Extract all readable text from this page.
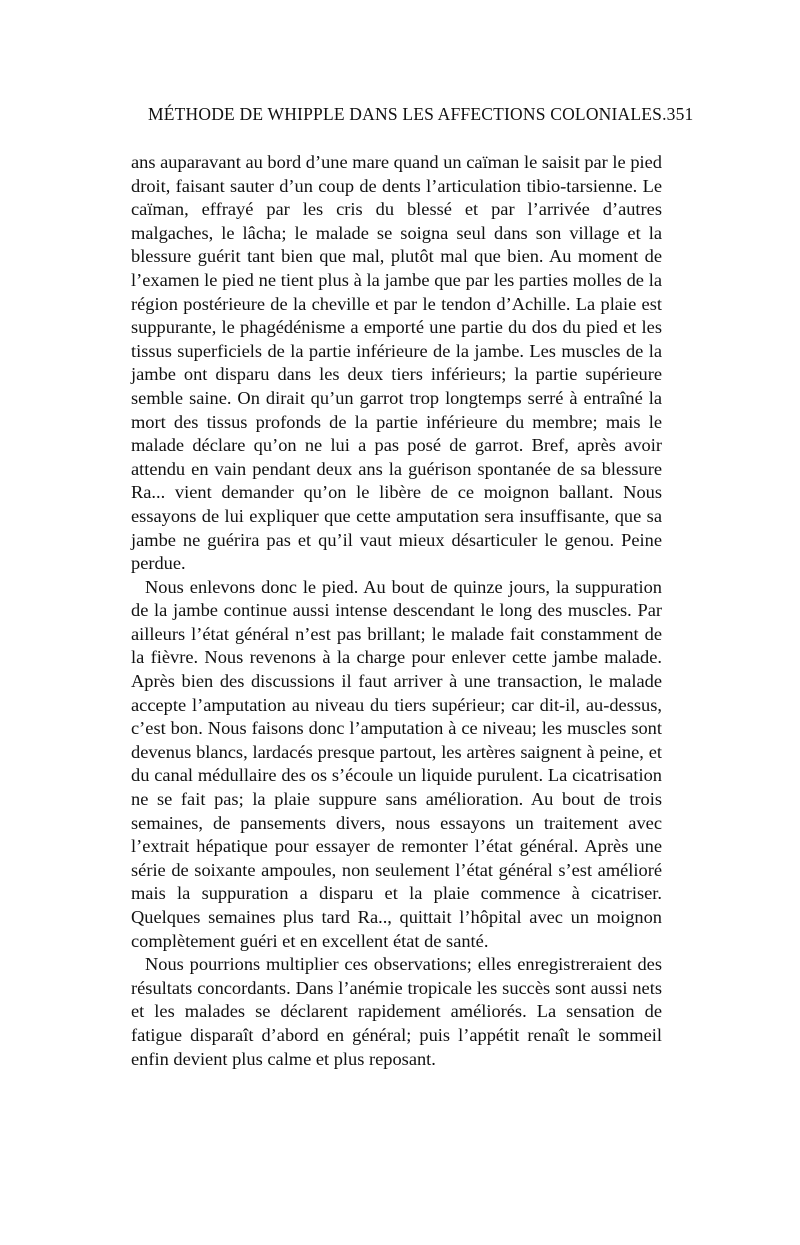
MÉTHODE DE WHIPPLE DANS LES AFFECTIONS COLONIALES. 351

ans auparavant au bord d’une mare quand un caïman le saisit par le pied droit, faisant sauter d’un coup de dents l’articulation tibio-tarsienne. Le caïman, effrayé par les cris du blessé et par l’arrivée d’autres malgaches, le lâcha; le malade se soigna seul dans son village et la blessure guérit tant bien que mal, plutôt mal que bien. Au moment de l’examen le pied ne tient plus à la jambe que par les parties molles de la région postérieure de la cheville et par le tendon d’Achille. La plaie est suppurante, le phagédénisme a emporté une partie du dos du pied et les tissus superficiels de la partie inférieure de la jambe. Les muscles de la jambe ont disparu dans les deux tiers inférieurs; la partie supérieure semble saine. On dirait qu’un garrot trop longtemps serré à entraîné la mort des tissus profonds de la partie inférieure du membre; mais le malade déclare qu’on ne lui a pas posé de garrot. Bref, après avoir attendu en vain pendant deux ans la guérison spontanée de sa blessure Ra... vient demander qu’on le libère de ce moignon ballant. Nous essayons de lui expliquer que cette amputation sera insuffisante, que sa jambe ne guérira pas et qu’il vaut mieux désarticuler le genou. Peine perdue.

Nous enlevons donc le pied. Au bout de quinze jours, la suppuration de la jambe continue aussi intense descendant le long des muscles. Par ailleurs l’état général n’est pas brillant; le malade fait constamment de la fièvre. Nous revenons à la charge pour enlever cette jambe malade. Après bien des discussions il faut arriver à une transaction, le malade accepte l’amputation au niveau du tiers supérieur; car dit-il, au-dessus, c’est bon. Nous faisons donc l’amputation à ce niveau; les muscles sont devenus blancs, lardacés presque partout, les artères saignent à peine, et du canal médullaire des os s’écoule un liquide purulent. La cicatrisation ne se fait pas; la plaie suppure sans amélioration. Au bout de trois semaines, de pansements divers, nous essayons un traitement avec l’extrait hépatique pour essayer de remonter l’état général. Après une série de soixante ampoules, non seulement l’état général s’est amélioré mais la suppuration a disparu et la plaie commence à cicatriser. Quelques semaines plus tard Ra.., quittait l’hôpital avec un moignon complètement guéri et en excellent état de santé.

Nous pourrions multiplier ces observations; elles enregistreraient des résultats concordants. Dans l’anémie tropicale les succès sont aussi nets et les malades se déclarent rapidement améliorés. La sensation de fatigue disparaît d’abord en général; puis l’appétit renaît le sommeil enfin devient plus calme et plus reposant.
